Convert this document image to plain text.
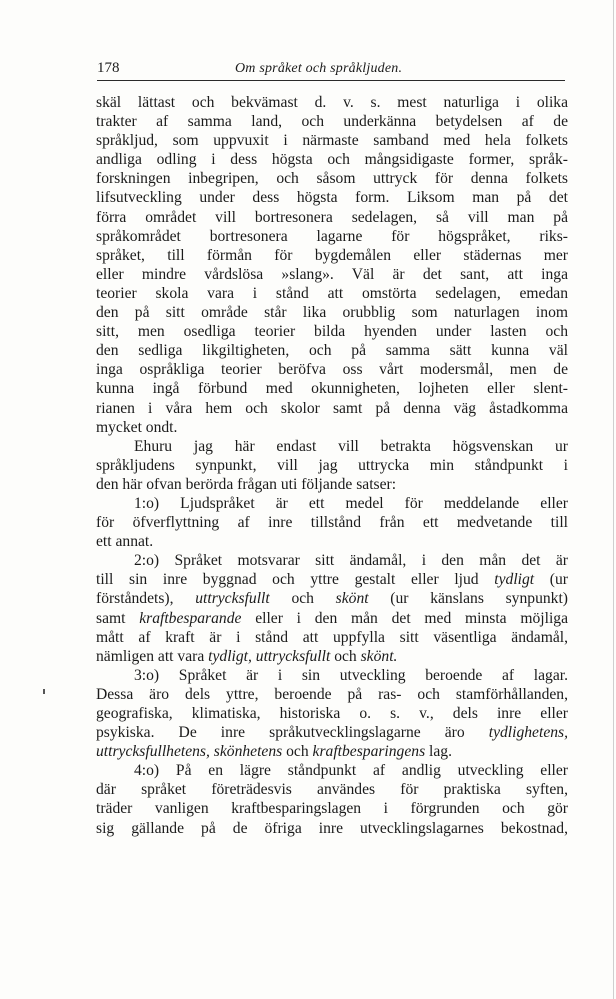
178	Om språket och språkljuden.
skäl lättast och bekvämast d. v. s. mest naturliga i olika
trakter af samma land, och underkänna betydelsen af de
språkljud, som uppvuxit i närmaste samband med hela folkets
andliga odling i dess högsta och mångsidigaste former, språk-
forskningen inbegripen, och såsom uttryck för denna folkets
lifsutveckling under dess högsta form. Liksom man på det
förra området vill bortresonera sedelagen, så vill man på
språkområdet bortresonera lagarne för högspråket, riks-
språket, till förmån för bygdemålen eller städernas mer
eller mindre vårdslösa »slang». Väl är det sant, att inga
teorier skola vara i stånd att omstörta sedelagen, emedan
den på sitt område står lika orubblig som naturlagen inom
sitt, men osedliga teorier bilda hyenden under lasten och
den sedliga likgiltigheten, och på samma sätt kunna väl
inga ospråkliga teorier beröfva oss vårt modersmål, men de
kunna ingå förbund med okunnigheten, lojheten eller slent-
rianen i våra hem och skolor samt på denna väg åstadkomma
mycket ondt.
Ehuru jag här endast vill betrakta högsvenskan ur
språkljudens synpunkt, vill jag uttrycka min ståndpunkt i
den här ofvan berörda frågan uti följande satser:
1:o) Ljudspråket är ett medel för meddelande eller
för öfverflyttning af inre tillstånd från ett medvetande till
ett annat.
2:o) Språket motsvarar sitt ändamål, i den mån det är
till sin inre byggnad och yttre gestalt eller ljud tydligt (ur
förståndets), uttrycksfullt och skönt (ur känslans synpunkt)
samt kraftbesparande eller i den mån det med minsta möjliga
mått af kraft är i stånd att uppfylla sitt väsentliga ändamål,
nämligen att vara tydligt, uttrycksfullt och skönt.
3:o) Språket är i sin utveckling beroende af lagar.
Dessa äro dels yttre, beroende på ras- och stamförhållanden,
geografiska, klimatiska, historiska o. s. v., dels inre eller
psykiska. De inre språkutvecklingslagarne äro tydlighetens,
uttrycksfullhetens, skönhetens och kraftbesparingens lag.
4:o) På en lägre ståndpunkt af andlig utveckling eller
där språket företrädesvis användes för praktiska syften,
träder vanligen kraftbesparingslagen i förgrunden och gör
sig gällande på de öfriga inre utvecklingslagarnes bekostnad,
